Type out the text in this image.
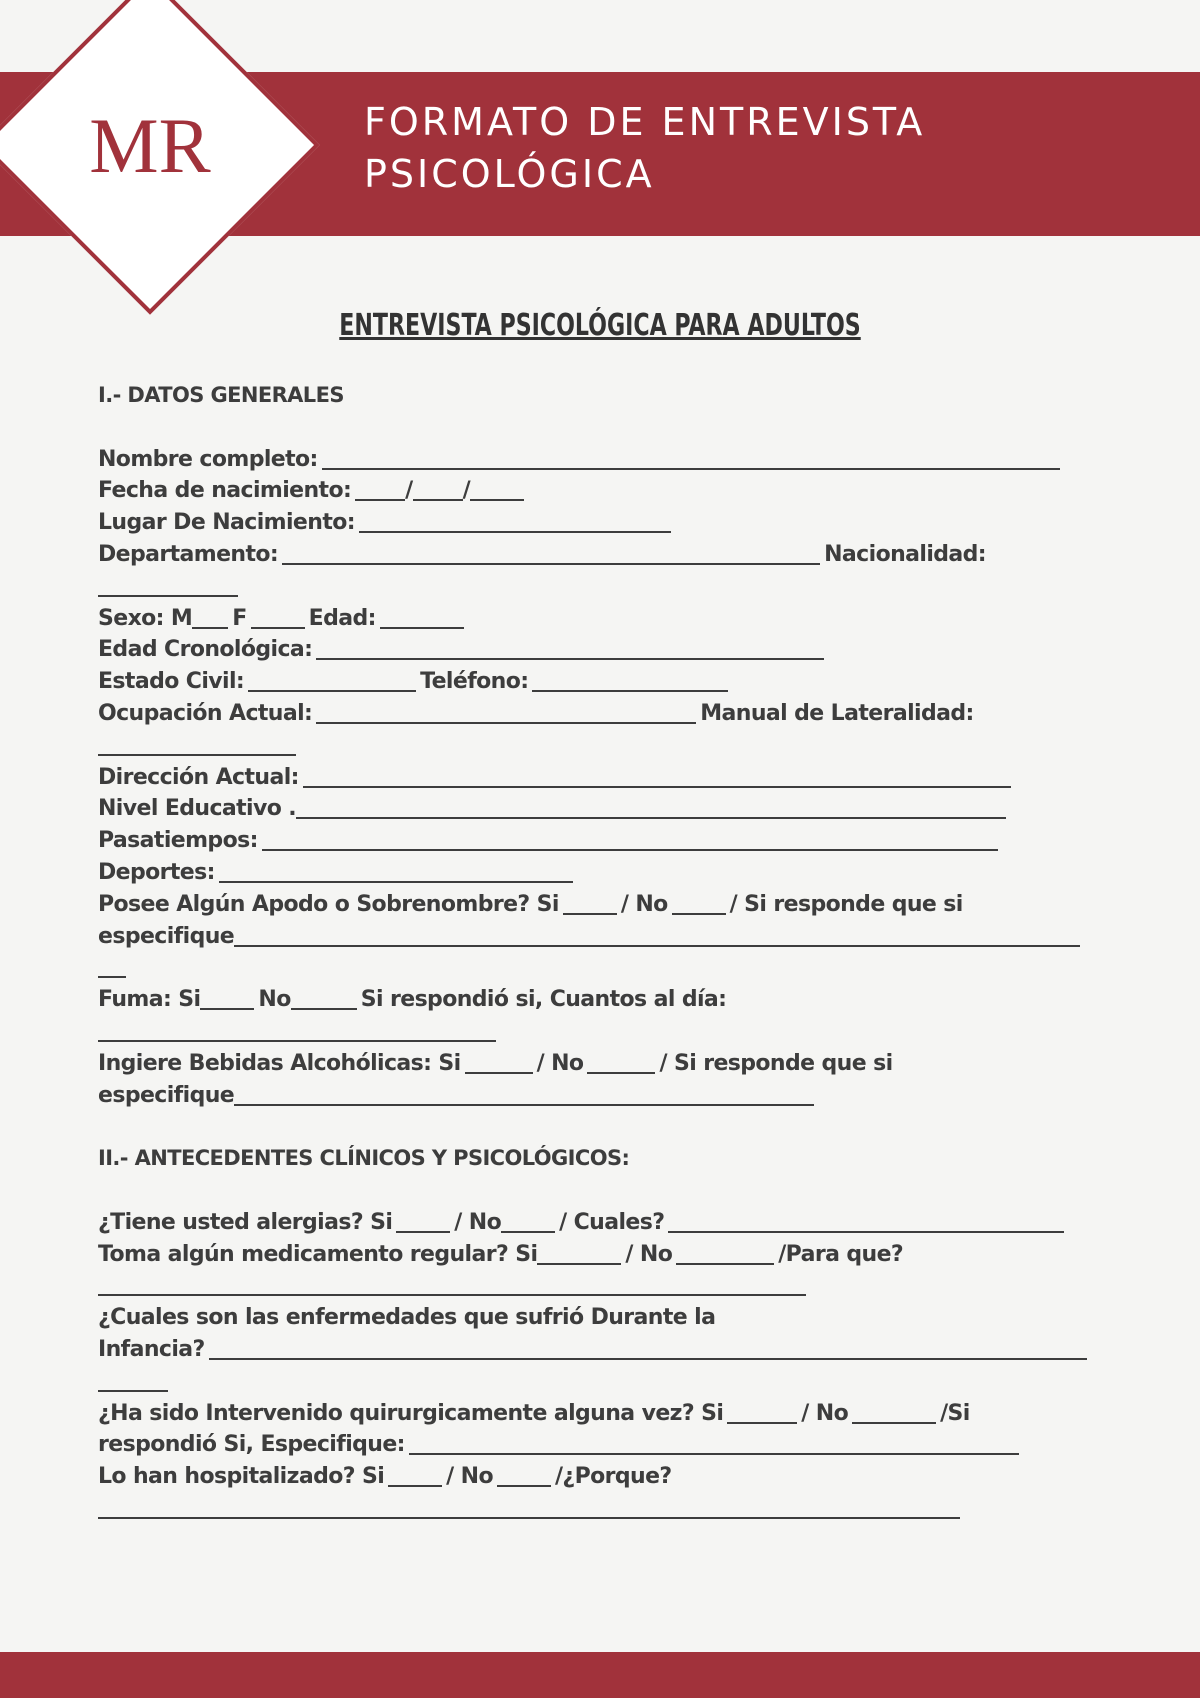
MR	FORMATO DE ENTREVISTA
PSICOLÓGICA
ENTREVISTA PSICOLÓGICA PARA ADULTOS
I.- DATOS GENERALES
Nombre completo:
Fecha de nacimiento: / /
Lugar De Nacimiento:
Departamento:	Nacionalidad:
Sexo: M F	Edad:
Edad Cronológica:
Estado Civil:	Teléfono:
Ocupación Actual:	Manual de Lateralidad:
Dirección Actual:
Nivel Educativo .
Pasatiempos:
Deportes:
Posee Algún Apodo o Sobrenombre? Si	/ No	/ Si responde que si
especifique
Fuma: Si	No	Si respondió si, Cuantos al día:
Ingiere Bebidas Alcohólicas: Si	/ No	/ Si responde que si
especifique
II.- ANTECEDENTES CLÍNICOS Y PSICOLÓGICOS:
¿Tiene usted alergias? Si	/ No	/ Cuales?
Toma algún medicamento regular? Si	/ No	/Para que?
¿Cuales son las enfermedades que sufrió Durante la
Infancia?
¿Ha sido Intervenido quirurgicamente alguna vez? Si	/ No	/Si
respondió Si, Especifique:
Lo han hospitalizado? Si	/ No	/¿Porque?
